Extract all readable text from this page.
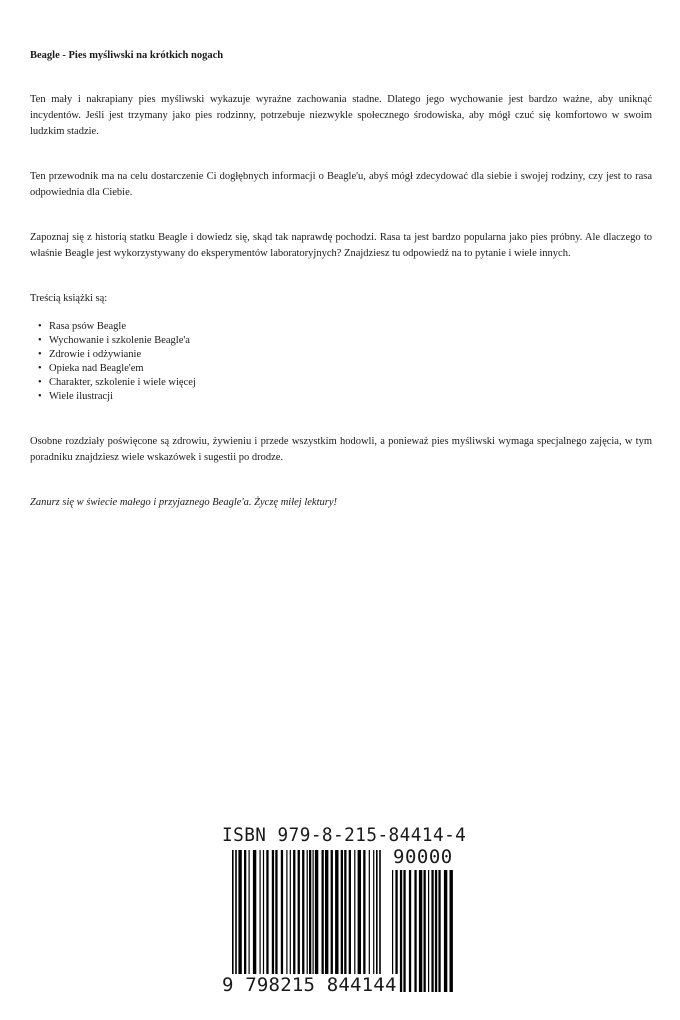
Beagle - Pies myśliwski na krótkich nogach

Ten mały i nakrapiany pies myśliwski wykazuje wyraźne zachowania stadne. Dlatego jego wychowanie jest bardzo ważne, aby uniknąć incydentów. Jeśli jest trzymany jako pies rodzinny, potrzebuje niezwykle społecznego środowiska, aby mógł czuć się komfortowo w swoim ludzkim stadzie.

Ten przewodnik ma na celu dostarczenie Ci dogłębnych informacji o Beagle'u, abyś mógł zdecydować dla siebie i swojej rodziny, czy jest to rasa odpowiednia dla Ciebie.

Zapoznaj się z historią statku Beagle i dowiedz się, skąd tak naprawdę pochodzi. Rasa ta jest bardzo popularna jako pies próbny. Ale dlaczego to właśnie Beagle jest wykorzystywany do eksperymentów laboratoryjnych? Znajdziesz tu odpowiedź na to pytanie i wiele innych.

Treścią książki są:

• Rasa psów Beagle
• Wychowanie i szkolenie Beagle'a
• Zdrowie i odżywianie
• Opieka nad Beagle'em
• Charakter, szkolenie i wiele więcej
• Wiele ilustracji

Osobne rozdziały poświęcone są zdrowiu, żywieniu i przede wszystkim hodowli, a ponieważ pies myśliwski wymaga specjalnego zajęcia, w tym poradniku znajdziesz wiele wskazówek i sugestii po drodze.

Zanurz się w świecie małego i przyjaznego Beagle'a. Życzę miłej lektury!

ISBN 979-8-215-84414-4
90000
9 798215 844144
